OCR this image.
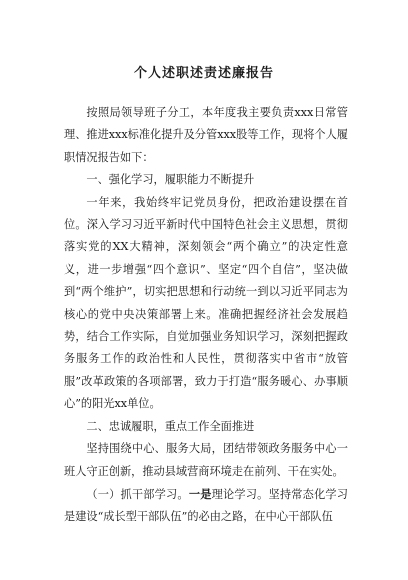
个人述职述责述廉报告

按照局领导班子分工，本年度我主要负责xxx日常管理、推进xxx标准化提升及分管xxx股等工作，现将个人履职情况报告如下：

一、强化学习，履职能力不断提升

一年来，我始终牢记党员身份，把政治建设摆在首位。深入学习习近平新时代中国特色社会主义思想，贯彻落实党的XX大精神，深刻领会“两个确立”的决定性意义，进一步增强“四个意识”、坚定“四个自信”，坚决做到“两个维护”，切实把思想和行动统一到以习近平同志为核心的党中央决策部署上来。准确把握经济社会发展趋势，结合工作实际，自觉加强业务知识学习，深刻把握政务服务工作的政治性和人民性，贯彻落实中省市“放管服”改革政策的各项部署，致力于打造“服务暖心、办事顺心”的阳光xx单位。

二、忠诚履职，重点工作全面推进

坚持围绕中心、服务大局，团结带领政务服务中心一班人守正创新，推动县域营商环境走在前列、干在实处。

（一）抓干部学习。一是理论学习。坚持常态化学习是建设“成长型干部队伍”的必由之路，在中心干部队伍
